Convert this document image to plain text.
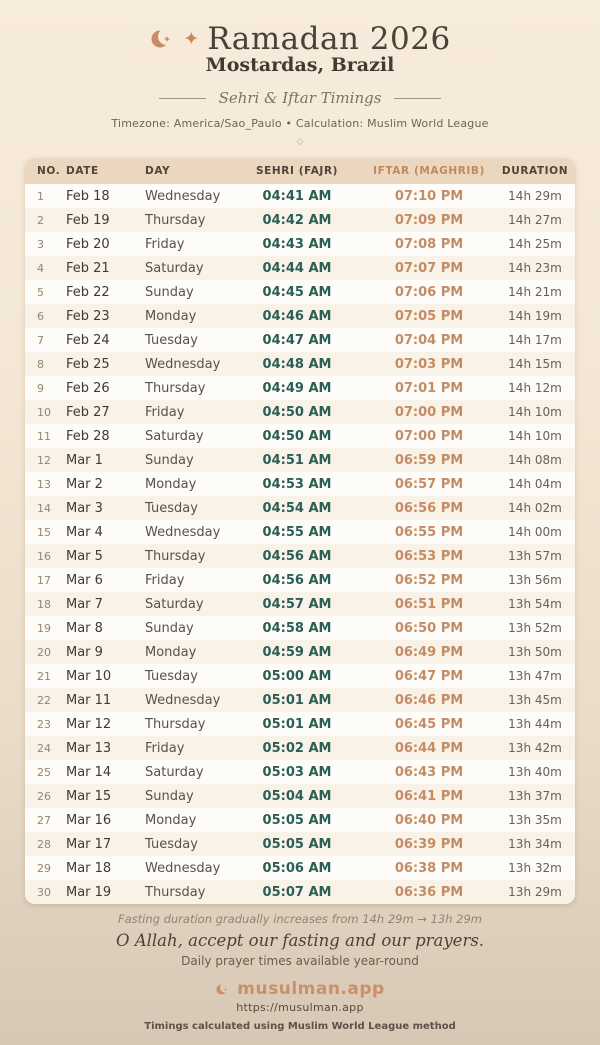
✦ Ramadan 2026
Mostardas, Brazil
Sehri & Iftar Timings
Timezone: America/Sao_Paulo • Calculation: Muslim World League
◇
NO. DATE	DAY	SEHRI (FAJR)	IFTAR (MAGHRIB)	DURATION
1	Feb 18	Wednesday	04:41 AM	07:10 PM	14h 29m
2	Feb 19	Thursday	04:42 AM	07:09 PM	14h 27m
3	Feb 20	Friday	04:43 AM	07:08 PM	14h 25m
4	Feb 21	Saturday	04:44 AM	07:07 PM	14h 23m
5	Feb 22	Sunday	04:45 AM	07:06 PM	14h 21m
6	Feb 23	Monday	04:46 AM	07:05 PM	14h 19m
7	Feb 24	Tuesday	04:47 AM	07:04 PM	14h 17m
8	Feb 25	Wednesday	04:48 AM	07:03 PM	14h 15m
9	Feb 26	Thursday	04:49 AM	07:01 PM	14h 12m
10	Feb 27	Friday	04:50 AM	07:00 PM	14h 10m
11	Feb 28	Saturday	04:50 AM	07:00 PM	14h 10m
12	Mar 1	Sunday	04:51 AM	06:59 PM	14h 08m
13	Mar 2	Monday	04:53 AM	06:57 PM	14h 04m
14	Mar 3	Tuesday	04:54 AM	06:56 PM	14h 02m
15	Mar 4	Wednesday	04:55 AM	06:55 PM	14h 00m
16	Mar 5	Thursday	04:56 AM	06:53 PM	13h 57m
17	Mar 6	Friday	04:56 AM	06:52 PM	13h 56m
18	Mar 7	Saturday	04:57 AM	06:51 PM	13h 54m
19	Mar 8	Sunday	04:58 AM	06:50 PM	13h 52m
20	Mar 9	Monday	04:59 AM	06:49 PM	13h 50m
21	Mar 10	Tuesday	05:00 AM	06:47 PM	13h 47m
22	Mar 11	Wednesday	05:01 AM	06:46 PM	13h 45m
23	Mar 12	Thursday	05:01 AM	06:45 PM	13h 44m
24	Mar 13	Friday	05:02 AM	06:44 PM	13h 42m
25	Mar 14	Saturday	05:03 AM	06:43 PM	13h 40m
26	Mar 15	Sunday	05:04 AM	06:41 PM	13h 37m
27	Mar 16	Monday	05:05 AM	06:40 PM	13h 35m
28	Mar 17	Tuesday	05:05 AM	06:39 PM	13h 34m
29	Mar 18	Wednesday	05:06 AM	06:38 PM	13h 32m
30	Mar 19	Thursday	05:07 AM	06:36 PM	13h 29m
Fasting duration gradually increases from 14h 29m → 13h 29m
O Allah, accept our fasting and our prayers.
Daily prayer times available year-round
musulman.app
https://musulman.app
Timings calculated using Muslim World League method
